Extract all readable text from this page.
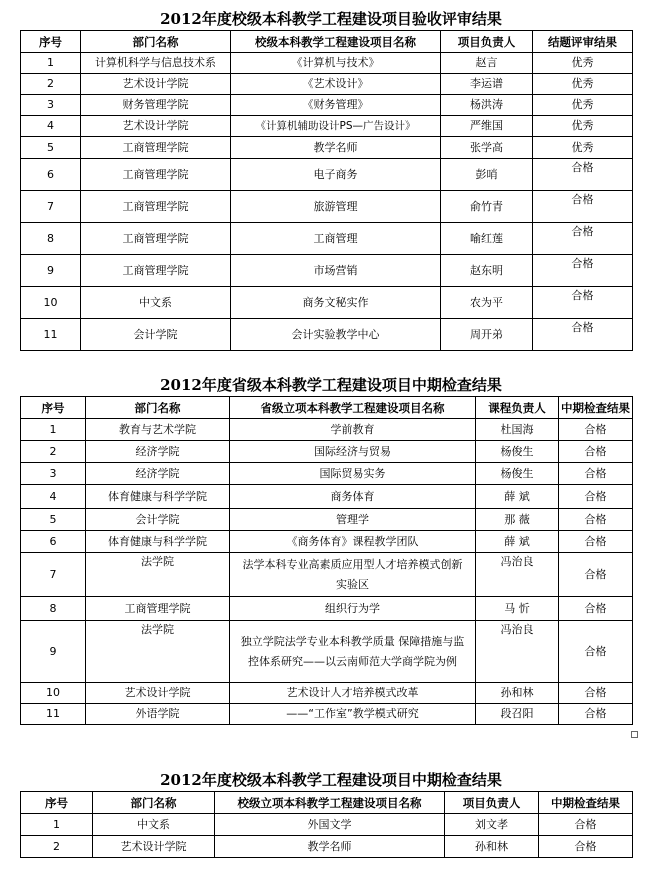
2012年度校级本科教学工程建设项目验收评审结果
序号	部门名称	校级本科教学工程建设项目名称	项目负责人	结题评审结果
1	计算机科学与信息技术系	《计算机与技术》	赵言	优秀
2	艺术设计学院	《艺术设计》	李运谱	优秀
3	财务管理学院	《财务管理》	杨洪涛	优秀
4	艺术设计学院	《计算机辅助设计PS—广告设计》	严维国	优秀
5	工商管理学院	教学名师	张学高	优秀
6	工商管理学院	电子商务	彭哨	合格
7	工商管理学院	旅游管理	俞竹青	合格
8	工商管理学院	工商管理	喻红莲	合格
9	工商管理学院	市场营销	赵东明	合格
10	中文系	商务文秘实作	农为平	合格
11	会计学院	会计实验教学中心	周开弟	合格
2012年度省级本科教学工程建设项目中期检查结果
序号	部门名称	省级立项本科教学工程建设项目名称	课程负责人	中期检查结果
1	教育与艺术学院	学前教育	杜国海	合格
2	经济学院	国际经济与贸易	杨俊生	合格
3	经济学院	国际贸易实务	杨俊生	合格
4	体育健康与科学学院	商务体育	薛 斌	合格
5	会计学院	管理学	那 薇	合格
6	体育健康与科学学院	《商务体育》课程教学团队	薛 斌	合格
7	法学院	法学本科专业高素质应用型人才培养模式创新实验区	冯治良	合格
8	工商管理学院	组织行为学	马 忻	合格
9	法学院	独立学院法学专业本科教学质量 保障措施与监控体系研究——以云南师范大学商学院为例	冯治良	合格
10	艺术设计学院	艺术设计人才培养模式改革	孙和林	合格
11	外语学院	——“工作室”教学模式研究	段召阳	合格
2012年度校级本科教学工程建设项目中期检查结果
序号	部门名称	校级立项本科教学工程建设项目名称	项目负责人	中期检查结果
1	中文系	外国文学	刘文孝	合格
2	艺术设计学院	教学名师	孙和林	合格
